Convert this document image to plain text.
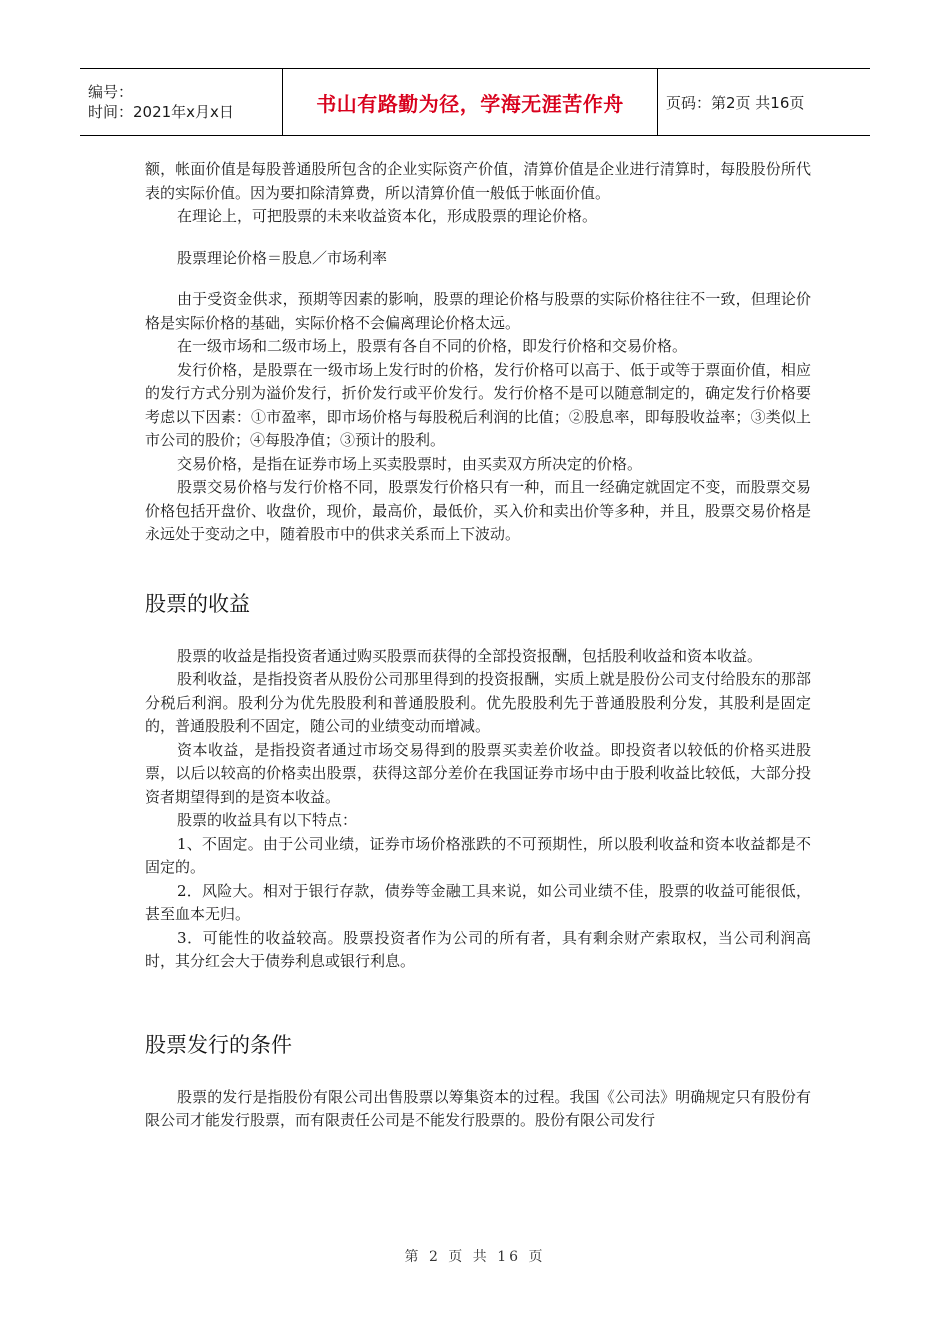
编号：
时间：2021年x月x日	书山有路勤为径，学海无涯苦作舟	页码：第2页 共16页

额，帐面价值是每股普通股所包含的企业实际资产价值，清算价值是企业进行清算时，每股股份所代表的实际价值。因为要扣除清算费，所以清算价值一般低于帐面价值。

在理论上，可把股票的未来收益资本化，形成股票的理论价格。

股票理论价格＝股息／市场利率

由于受资金供求，预期等因素的影响，股票的理论价格与股票的实际价格往往不一致，但理论价格是实际价格的基础，实际价格不会偏离理论价格太远。

在一级市场和二级市场上，股票有各自不同的价格，即发行价格和交易价格。

发行价格，是股票在一级市场上发行时的价格，发行价格可以高于、低于或等于票面价值，相应的发行方式分别为溢价发行，折价发行或平价发行。发行价格不是可以随意制定的，确定发行价格要考虑以下因素：①市盈率，即市场价格与每股税后利润的比值；②股息率，即每股收益率；③类似上市公司的股价；④每股净值；③预计的股利。

交易价格，是指在证券市场上买卖股票时，由买卖双方所决定的价格。

股票交易价格与发行价格不同，股票发行价格只有一种，而且一经确定就固定不变，而股票交易价格包括开盘价、收盘价，现价，最高价，最低价，买入价和卖出价等多种，并且，股票交易价格是永远处于变动之中，随着股市中的供求关系而上下波动。

股票的收益

股票的收益是指投资者通过购买股票而获得的全部投资报酬，包括股利收益和资本收益。

股利收益，是指投资者从股份公司那里得到的投资报酬，实质上就是股份公司支付给股东的那部分税后利润。股利分为优先股股利和普通股股利。优先股股利先于普通股股利分发，其股利是固定的，普通股股利不固定，随公司的业绩变动而增减。

资本收益，是指投资者通过市场交易得到的股票买卖差价收益。即投资者以较低的价格买进股票，以后以较高的价格卖出股票，获得这部分差价在我国证券市场中由于股利收益比较低，大部分投资者期望得到的是资本收益。

股票的收益具有以下特点：

1、不固定。由于公司业绩，证券市场价格涨跌的不可预期性，所以股利收益和资本收益都是不固定的。

2．风险大。相对于银行存款，债券等金融工具来说，如公司业绩不佳，股票的收益可能很低，甚至血本无归。

3．可能性的收益较高。股票投资者作为公司的所有者，具有剩余财产索取权，当公司利润高时，其分红会大于债券利息或银行利息。

股票发行的条件

股票的发行是指股份有限公司出售股票以筹集资本的过程。我国《公司法》明确规定只有股份有限公司才能发行股票，而有限责任公司是不能发行股票的。股份有限公司发行

第 2 页 共 16 页
